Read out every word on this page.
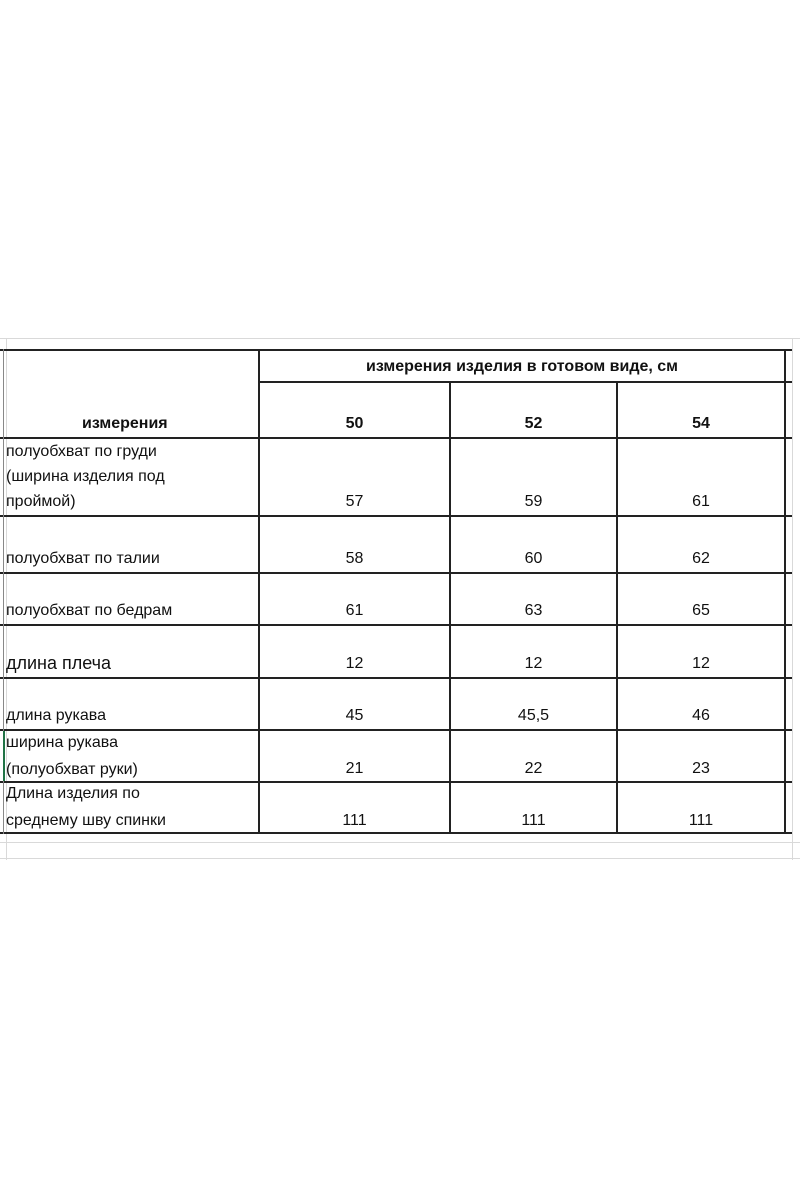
измерения изделия в готовом виде, см
измерения	50	52	54
полуобхват по груди
(ширина изделия под
проймой)	57	59	61
полуобхват по талии	58	60	62
полуобхват по бедрам	61	63	65
длина плеча	12	12	12
длина рукава	45	45,5	46
ширина рукава
(полуобхват руки)	21	22	23
Длина изделия по
среднему шву спинки	111	111	111
